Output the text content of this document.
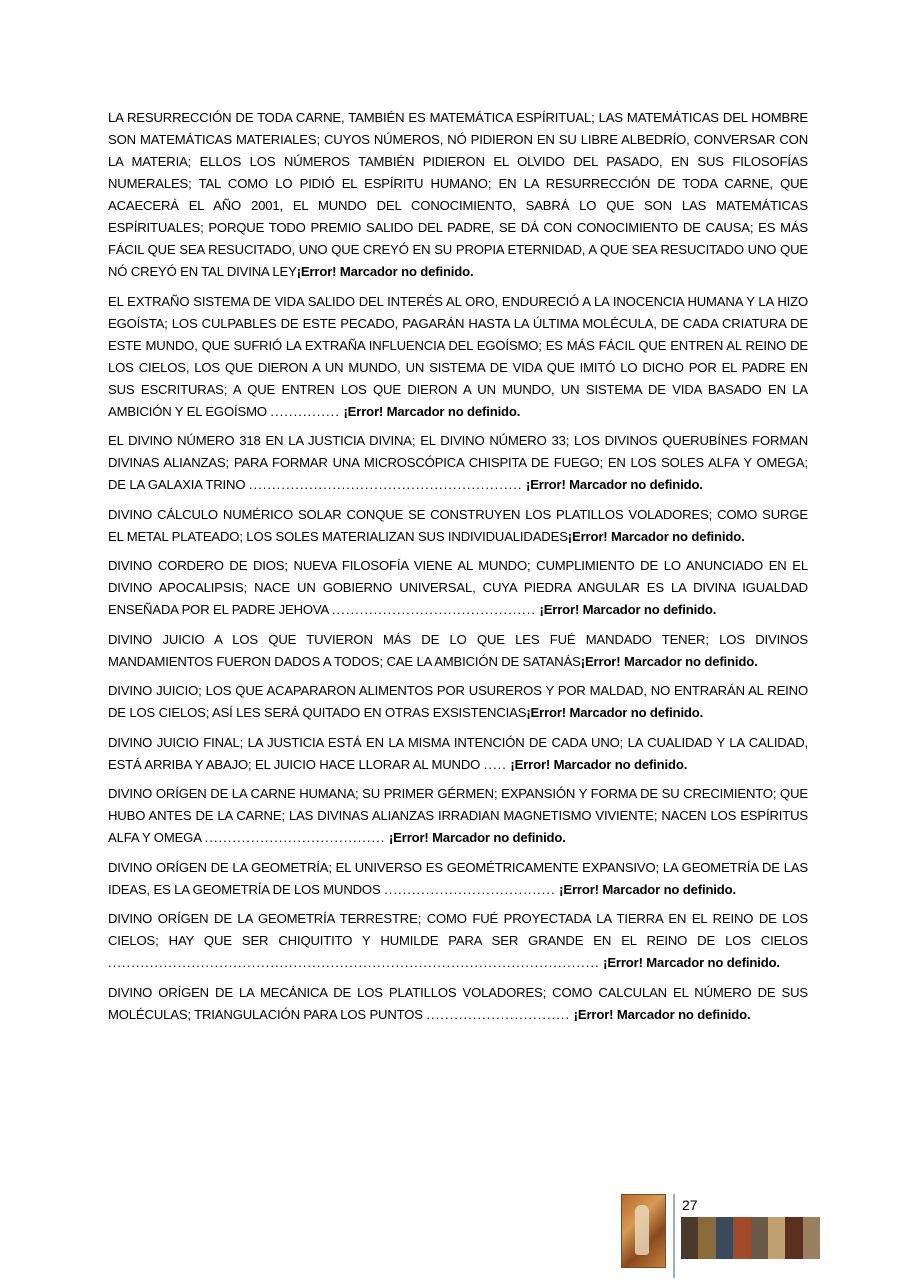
LA RESURRECCIÓN DE TODA CARNE, TAMBIÉN ES MATEMÁTICA ESPÍRITUAL; LAS MATEMÁTICAS DEL HOMBRE SON MATEMÁTICAS MATERIALES; CUYOS NÚMEROS, NÓ PIDIERON EN SU LIBRE ALBEDRÍO, CONVERSAR CON LA MATERIA; ELLOS LOS NÚMEROS TAMBIÉN PIDIERON EL OLVIDO DEL PASADO, EN SUS FILOSOFÍAS NUMERALES; TAL COMO LO PIDIÓ EL ESPÍRITU HUMANO; EN LA RESURRECCIÓN DE TODA CARNE, QUE ACAECERÁ EL AÑO 2001, EL MUNDO DEL CONOCIMIENTO, SABRÁ LO QUE SON LAS MATEMÁTICAS ESPÍRITUALES; PORQUE TODO PREMIO SALIDO DEL PADRE, SE DÁ CON CONOCIMIENTO DE CAUSA; ES MÁS FÁCIL QUE SEA RESUCITADO, UNO QUE CREYÓ EN SU PROPIA ETERNIDAD, A QUE SEA RESUCITADO UNO QUE NÓ CREYÓ EN TAL DIVINA LEY¡Error! Marcador no definido.

EL EXTRAÑO SISTEMA DE VIDA SALIDO DEL INTERÉS AL ORO, ENDURECIÓ A LA INOCENCIA HUMANA Y LA HIZO EGOÍSTA; LOS CULPABLES DE ESTE PECADO, PAGARÁN HASTA LA ÚLTIMA MOLÉCULA, DE CADA CRIATURA DE ESTE MUNDO, QUE SUFRIÓ LA EXTRAÑA INFLUENCIA DEL EGOÍSMO; ES MÁS FÁCIL QUE ENTREN AL REINO DE LOS CIELOS, LOS QUE DIERON A UN MUNDO, UN SISTEMA DE VIDA QUE IMITÓ LO DICHO POR EL PADRE EN SUS ESCRITURAS; A QUE ENTREN LOS QUE DIERON A UN MUNDO, UN SISTEMA DE VIDA BASADO EN LA AMBICIÓN Y EL EGOÍSMO ............... ¡Error! Marcador no definido.

EL DIVINO NÚMERO 318 EN LA JUSTICIA DIVINA; EL DIVINO NÚMERO 33; LOS DIVINOS QUERUBÍNES FORMAN DIVINAS ALIANZAS; PARA FORMAR UNA MICROSCÓPICA CHISPITA DE FUEGO; EN LOS SOLES ALFA Y OMEGA; DE LA GALAXIA TRINO ........................................................... ¡Error! Marcador no definido.

DIVINO CÁLCULO NUMÉRICO SOLAR CONQUE SE CONSTRUYEN LOS PLATILLOS VOLADORES; COMO SURGE EL METAL PLATEADO; LOS SOLES MATERIALIZAN SUS INDIVIDUALIDADES¡Error! Marcador no definido.

DIVINO CORDERO DE DIOS; NUEVA FILOSOFÍA VIENE AL MUNDO; CUMPLIMIENTO DE LO ANUNCIADO EN EL DIVINO APOCALIPSIS; NACE UN GOBIERNO UNIVERSAL, CUYA PIEDRA ANGULAR ES LA DIVINA IGUALDAD ENSEÑADA POR EL PADRE JEHOVA ............................................ ¡Error! Marcador no definido.

DIVINO JUICIO A LOS QUE TUVIERON MÁS DE LO QUE LES FUÉ MANDADO TENER; LOS DIVINOS MANDAMIENTOS FUERON DADOS A TODOS; CAE LA AMBICIÓN DE SATANÁS¡Error! Marcador no definido.

DIVINO JUICIO; LOS QUE ACAPARARON ALIMENTOS POR USUREROS Y POR MALDAD, NO ENTRARÁN AL REINO DE LOS CIELOS; ASÍ LES SERÁ QUITADO EN OTRAS EXSISTENCIAS¡Error! Marcador no definido.

DIVINO JUICIO FINAL; LA JUSTICIA ESTÁ EN LA MISMA INTENCIÓN DE CADA UNO; LA CUALIDAD Y LA CALIDAD, ESTÁ ARRIBA Y ABAJO; EL JUICIO HACE LLORAR AL MUNDO ..... ¡Error! Marcador no definido.

DIVINO ORÍGEN DE LA CARNE HUMANA; SU PRIMER GÉRMEN; EXPANSIÓN Y FORMA DE SU CRECIMIENTO; QUE HUBO ANTES DE LA CARNE; LAS DIVINAS ALIANZAS IRRADIAN MAGNETISMO VIVIENTE; NACEN LOS ESPÍRITUS ALFA Y OMEGA ....................................... ¡Error! Marcador no definido.

DIVINO ORÍGEN DE LA GEOMETRÍA; EL UNIVERSO ES GEOMÉTRICAMENTE EXPANSIVO; LA GEOMETRÍA DE LAS IDEAS, ES LA GEOMETRÍA DE LOS MUNDOS ..................................... ¡Error! Marcador no definido.

DIVINO ORÍGEN DE LA GEOMETRÍA TERRESTRE; COMO FUÉ PROYECTADA LA TIERRA EN EL REINO DE LOS CIELOS; HAY QUE SER CHIQUITITO Y HUMILDE PARA SER GRANDE EN EL REINO DE LOS CIELOS .......................................................................................................... ¡Error! Marcador no definido.

DIVINO ORÍGEN DE LA MECÁNICA DE LOS PLATILLOS VOLADORES; COMO CALCULAN EL NÚMERO DE SUS MOLÉCULAS; TRIANGULACIÓN PARA LOS PUNTOS ............................... ¡Error! Marcador no definido.

27
